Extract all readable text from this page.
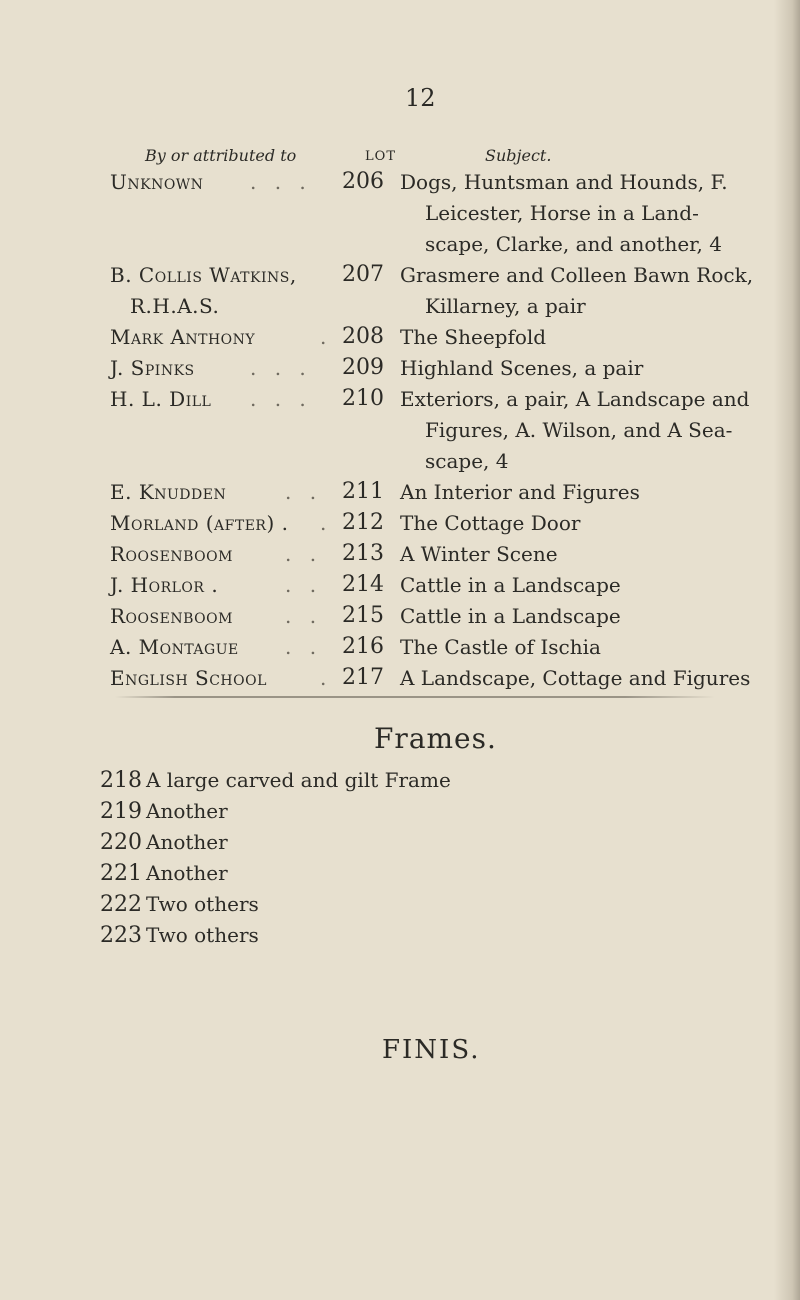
12
By or attributed to	LOT	Subject.
Unknown . . .	206 Dogs, Huntsman and Hounds, F.
Leicester, Horse in a Land-
scape, Clarke, and another, 4
B. Collis Watkins,
R.H.A.S.
207 Grasmere and Colleen Bawn Rock,
Killarney, a pair
Mark Anthony	. 208 The Sheepfold
J. Spinks	. . .	209 Highland Scenes, a pair
H. L. Dill . . .	210 Exteriors, a pair, A Landscape and
Figures, A. Wilson, and A Sea-
scape, 4
E. Knudden	. . 211 An Interior and Figures
Morland (after) . . 212 The Cottage Door
Roosenboom	. . 213 A Winter Scene
J. Horlor .	. . 214 Cattle in a Landscape
Roosenboom	. . 215 Cattle in a Landscape
A. Montague . . 216 The Castle of Ischia
English School	. 217 A Landscape, Cottage and Figures
Frames.
218 A large carved and gilt Frame
219 Another
220 Another
221 Another
222 Two others
223 Two others
FINIS.
